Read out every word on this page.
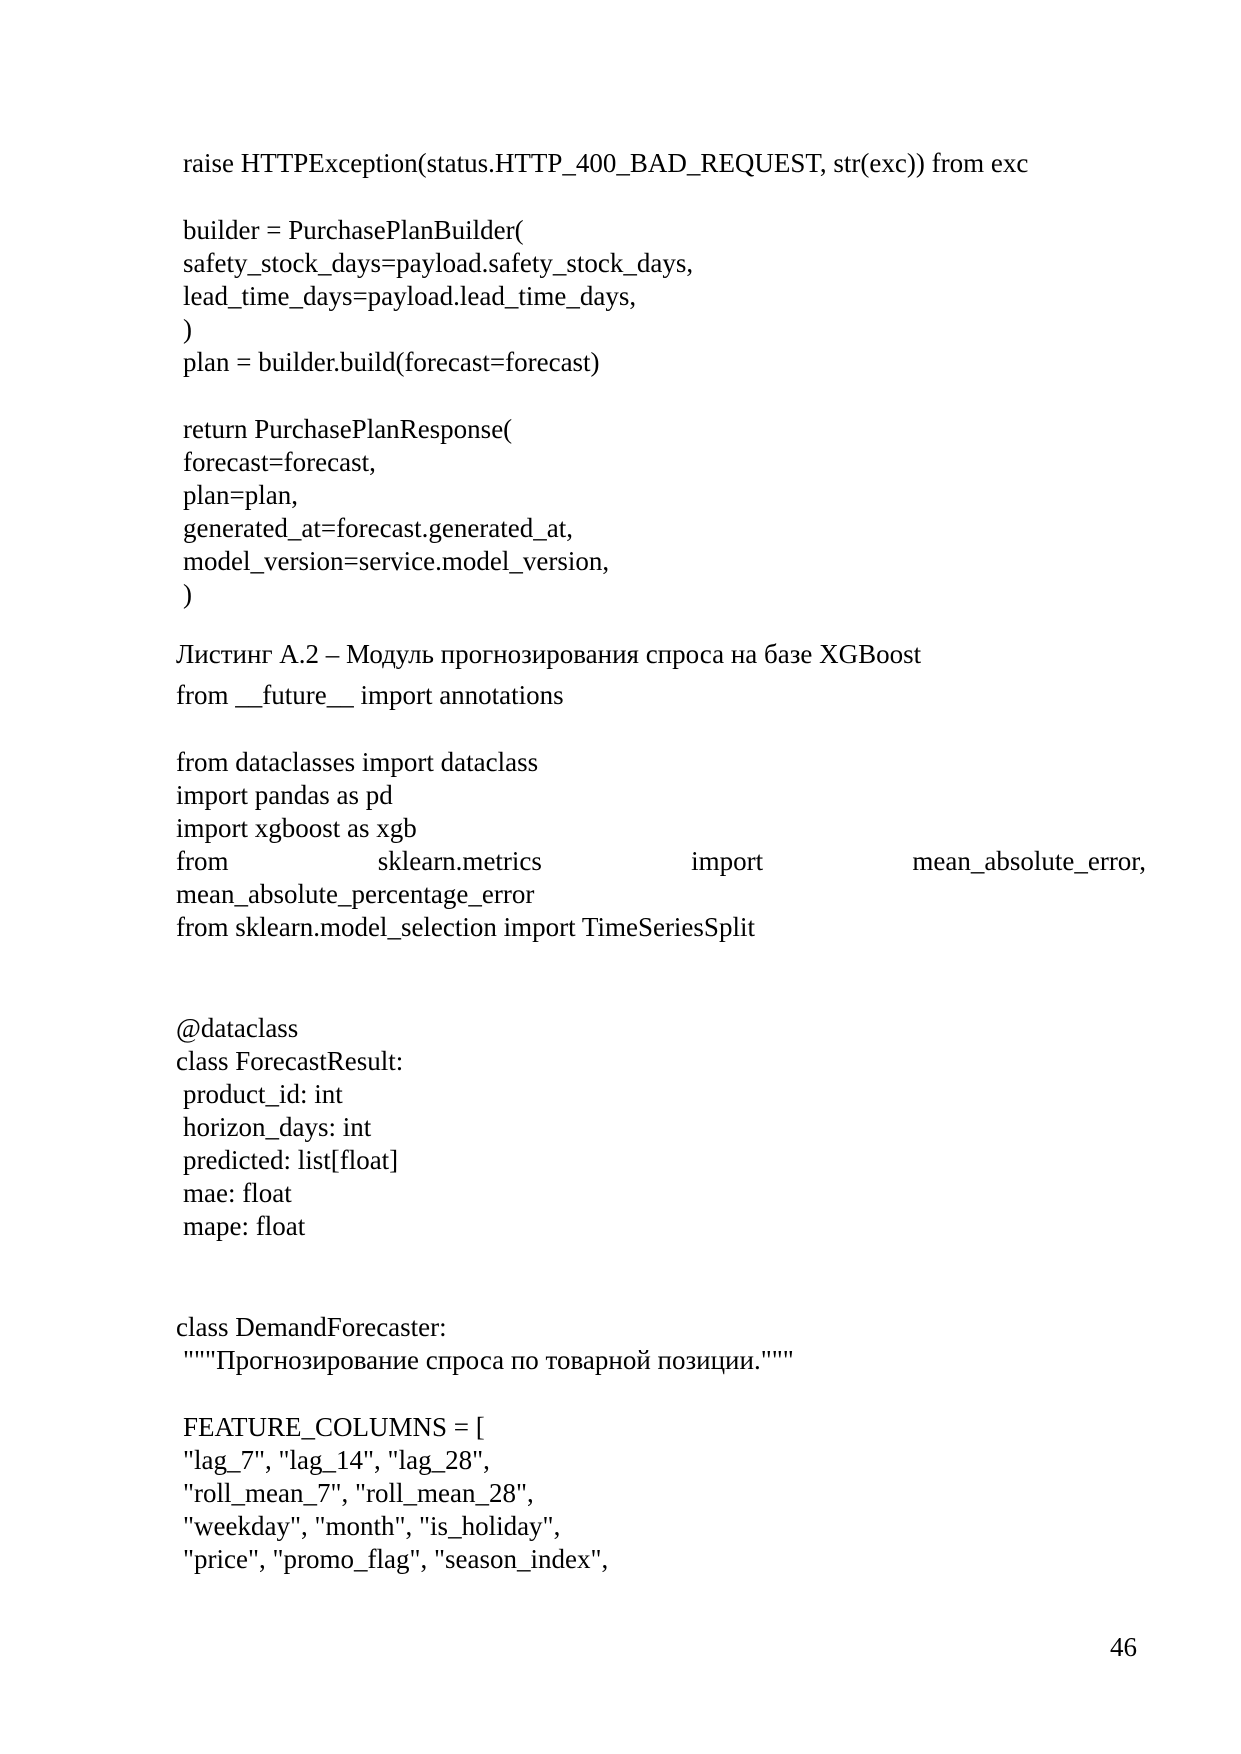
raise HTTPException(status.HTTP_400_BAD_REQUEST, str(exc)) from exc
builder = PurchasePlanBuilder(
safety_stock_days=payload.safety_stock_days,
lead_time_days=payload.lead_time_days,
)
plan = builder.build(forecast=forecast)
return PurchasePlanResponse(
forecast=forecast,
plan=plan,
generated_at=forecast.generated_at,
model_version=service.model_version,
)
Листинг А.2 – Модуль прогнозирования спроса на базе XGBoost
from __future__ import annotations
from dataclasses import dataclass
import pandas as pd
import xgboost as xgb
from	sklearn.metrics	import	mean_absolute_error,
mean_absolute_percentage_error
from sklearn.model_selection import TimeSeriesSplit
@dataclass
class ForecastResult:
product_id: int
horizon_days: int
predicted: list[float]
mae: float
mape: float
class DemandForecaster:
"""Прогнозирование спроса по товарной позиции."""
FEATURE_COLUMNS = [
"lag_7", "lag_14", "lag_28",
"roll_mean_7", "roll_mean_28",
"weekday", "month", "is_holiday",
"price", "promo_flag", "season_index",
46
